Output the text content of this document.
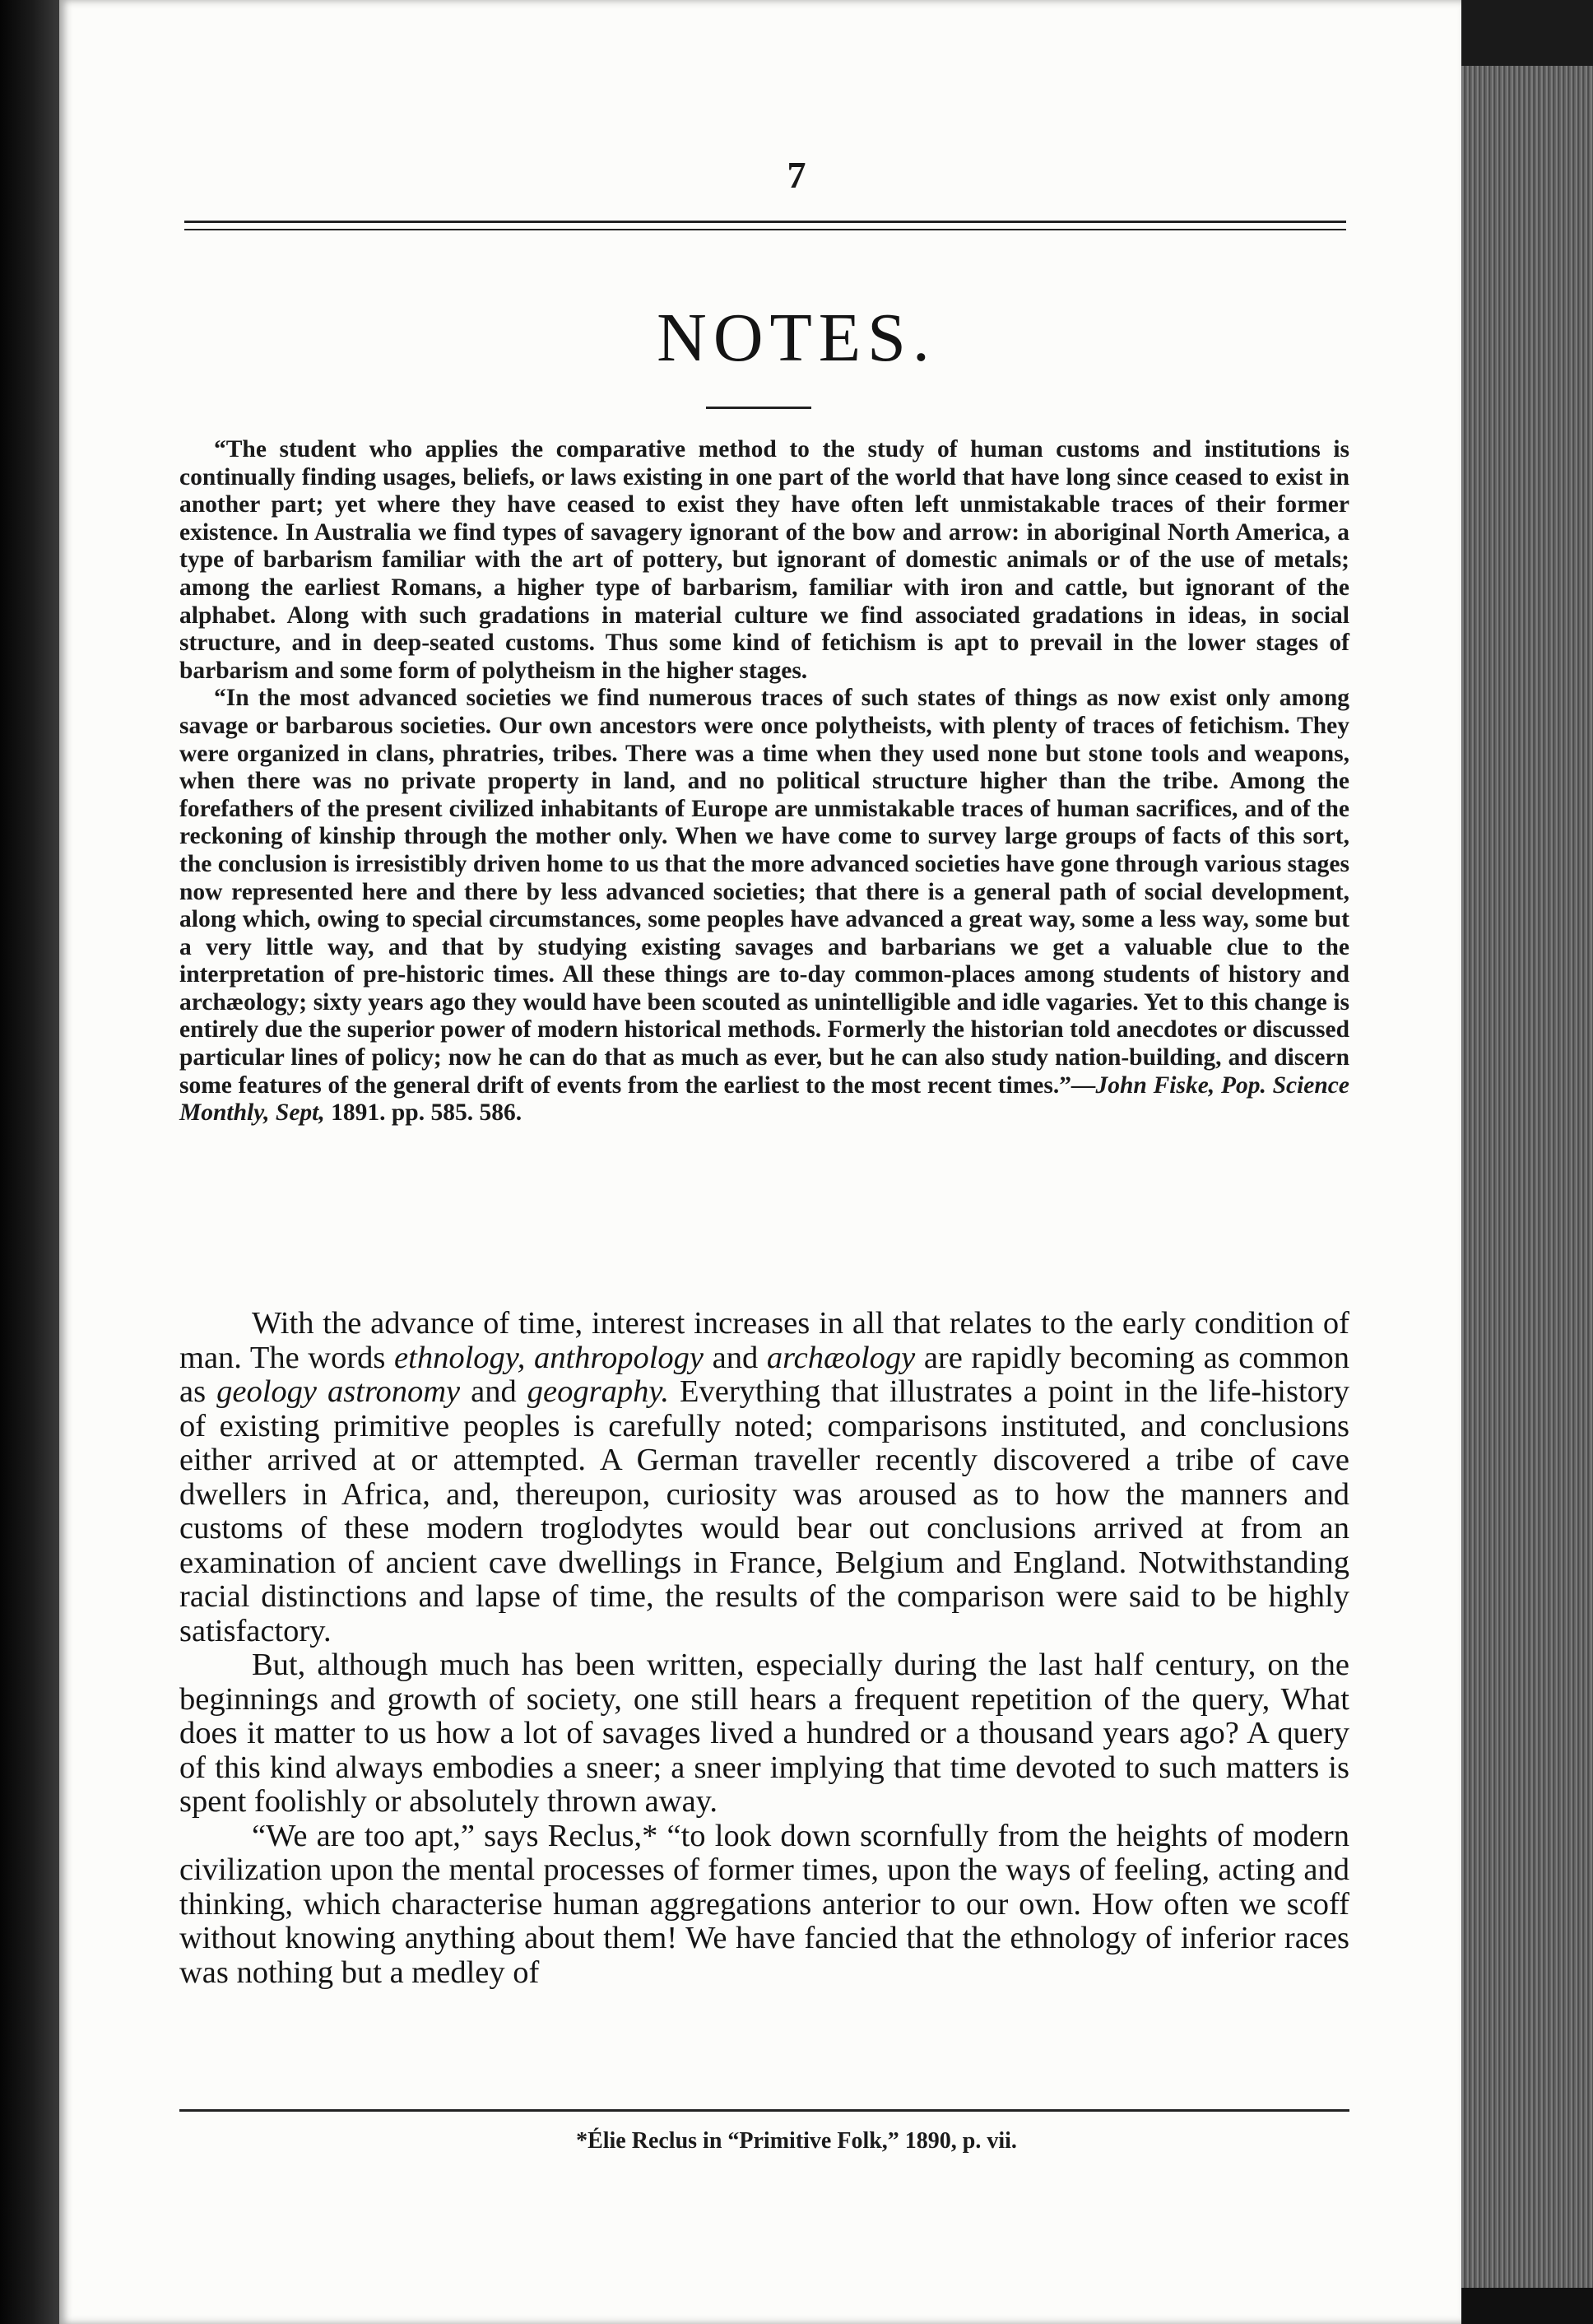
7
NOTES.

“The student who applies the comparative method to the study of human customs and institutions is continually finding usages, beliefs, or laws existing in one part of the world that have long since ceased to exist in another part; yet where they have ceased to exist they have often left unmistakable traces of their former existence. In Australia we find types of savagery ignorant of the bow and arrow: in aboriginal North America, a type of barbarism familiar with the art of pottery, but ignorant of domestic animals or of the use of metals; among the earliest Romans, a higher type of barbarism, familiar with iron and cattle, but ignorant of the alphabet. Along with such gradations in material culture we find associated gradations in ideas, in social structure, and in deep-seated customs. Thus some kind of fetichism is apt to prevail in the lower stages of barbarism and some form of polytheism in the higher stages.

“In the most advanced societies we find numerous traces of such states of things as now exist only among savage or barbarous societies. Our own ancestors were once polytheists, with plenty of traces of fetichism. They were organized in clans, phratries, tribes. There was a time when they used none but stone tools and weapons, when there was no private property in land, and no political structure higher than the tribe. Among the forefathers of the present civilized inhabitants of Europe are unmistakable traces of human sacrifices, and of the reckoning of kinship through the mother only. When we have come to survey large groups of facts of this sort, the conclusion is irresistibly driven home to us that the more advanced societies have gone through various stages now represented here and there by less advanced societies; that there is a general path of social development, along which, owing to special circumstances, some peoples have advanced a great way, some a less way, some but a very little way, and that by studying existing savages and barbarians we get a valuable clue to the interpretation of pre-historic times. All these things are to-day common-places among students of history and archæology; sixty years ago they would have been scouted as unintelligible and idle vagaries. Yet to this change is entirely due the superior power of modern historical methods. Formerly the historian told anecdotes or discussed particular lines of policy; now he can do that as much as ever, but he can also study nation-building, and discern some features of the general drift of events from the earliest to the most recent times.”—John Fiske, Pop. Science Monthly, Sept, 1891. pp. 585. 586.

With the advance of time, interest increases in all that relates to the early condition of man. The words ethnology, anthropology and archæology are rapidly becoming as common as geology astronomy and geography. Everything that illustrates a point in the life-history of existing primitive peoples is carefully noted; comparisons instituted, and conclusions either arrived at or attempted. A German traveller recently discovered a tribe of cave dwellers in Africa, and, thereupon, curiosity was aroused as to how the manners and customs of these modern troglodytes would bear out conclusions arrived at from an examination of ancient cave dwellings in France, Belgium and England. Notwithstanding racial distinctions and lapse of time, the results of the comparison were said to be highly satisfactory.

But, although much has been written, especially during the last half century, on the beginnings and growth of society, one still hears a frequent repetition of the query, What does it matter to us how a lot of savages lived a hundred or a thousand years ago? A query of this kind always embodies a sneer; a sneer implying that time devoted to such matters is spent foolishly or absolutely thrown away.

“We are too apt,” says Reclus,* “to look down scornfully from the heights of modern civilization upon the mental processes of former times, upon the ways of feeling, acting and thinking, which characterise human aggregations anterior to our own. How often we scoff without knowing anything about them! We have fancied that the ethnology of inferior races was nothing but a medley of

*Élie Reclus in “Primitive Folk,” 1890, p. vii.
